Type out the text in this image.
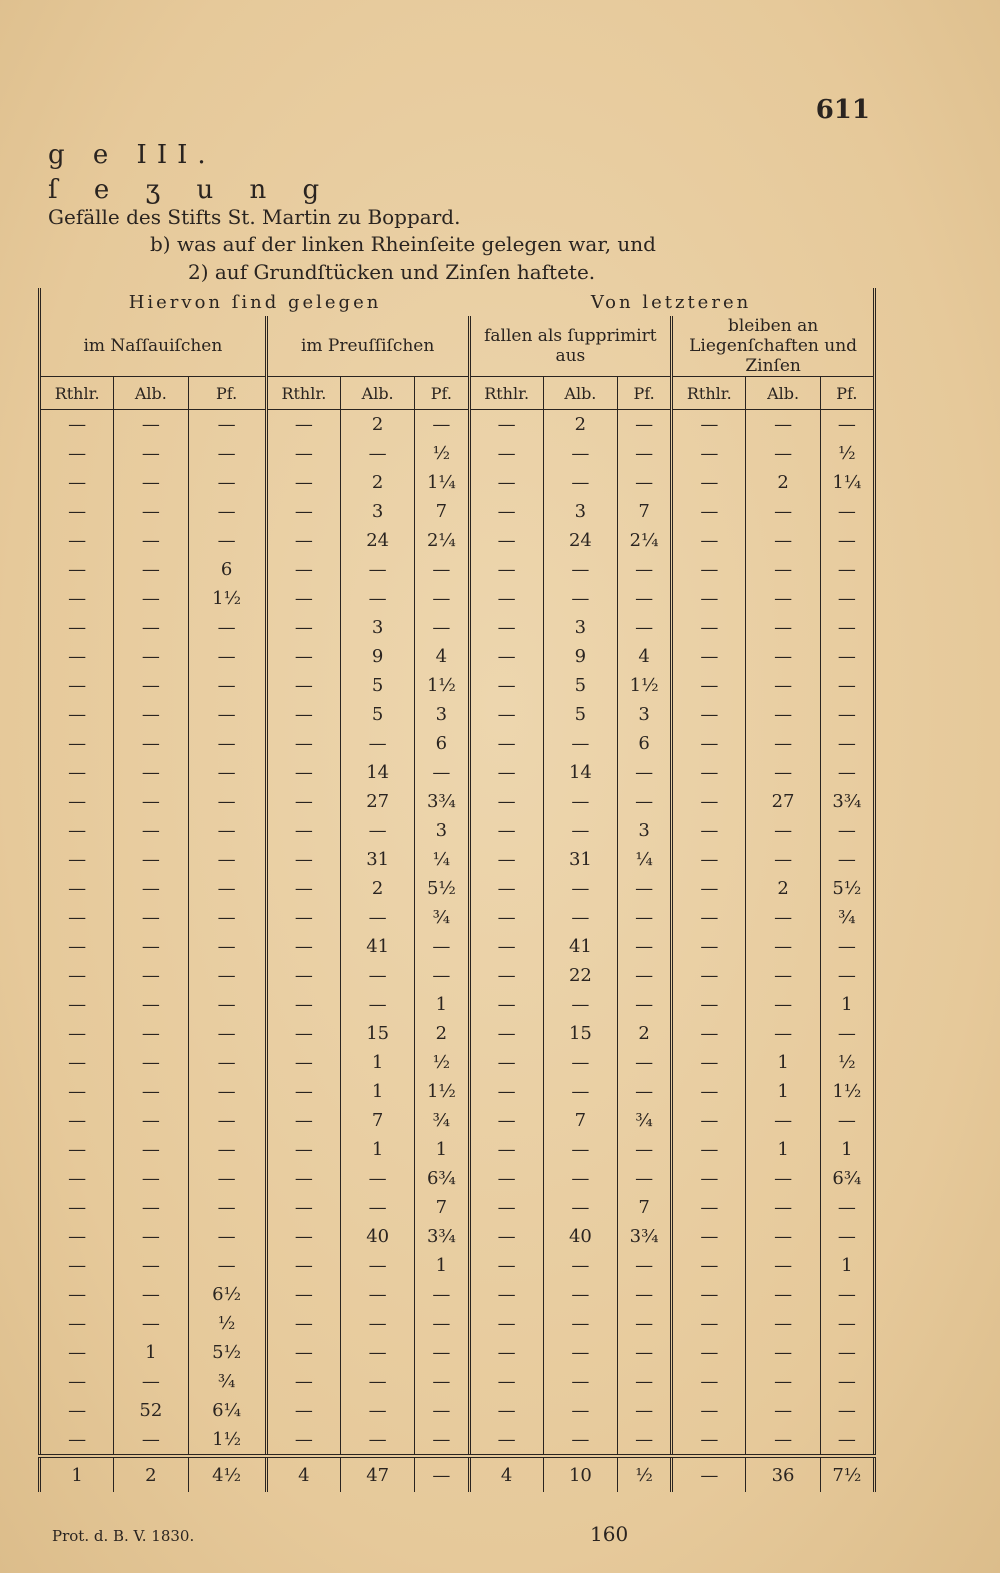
611
g e III.
ſ e ʒ u n g
Gefälle des Stifts St. Martin zu Boppard.
b) was auf der linken Rheinſeite gelegen war, und
2) auf Grundſtücken und Zinſen haftete.
Hiervon ſind gelegen						Von letzteren					
im Naſſauiſchen			im Preuſſiſchen			fallen als ſupprimirt aus			bleiben an Liegenſchaften und Zinſen		
Rthlr.	Alb.	Pf.	Rthlr.	Alb.	Pf.	Rthlr.	Alb.	Pf.	Rthlr.	Alb.	Pf.
—	—	—	—	2	—	—	2	—	—	—	—
—	—	—	—	—	½	—	—	—	—	—	½
—	—	—	—	2	1¼	—	—	—	—	2	1¼
—	—	—	—	3	7	—	3	7	—	—	—
—	—	—	—	24	2¼	—	24	2¼	—	—	—
—	—	6	—	—	—	—	—	—	—	—	—
—	—	1½	—	—	—	—	—	—	—	—	—
—	—	—	—	3	—	—	3	—	—	—	—
—	—	—	—	9	4	—	9	4	—	—	—
—	—	—	—	5	1½	—	5	1½	—	—	—
—	—	—	—	5	3	—	5	3	—	—	—
—	—	—	—	—	6	—	—	6	—	—	—
—	—	—	—	14	—	—	14	—	—	—	—
—	—	—	—	27	3¾	—	—	—	—	27	3¾
—	—	—	—	—	3	—	—	3	—	—	—
—	—	—	—	31	¼	—	31	¼	—	—	—
—	—	—	—	2	5½	—	—	—	—	2	5½
—	—	—	—	—	¾	—	—	—	—	—	¾
—	—	—	—	41	—	—	41	—	—	—	—
—	—	—	—	—	—	—	22	—	—	—	—
—	—	—	—	—	1	—	—	—	—	—	1
—	—	—	—	15	2	—	15	2	—	—	—
—	—	—	—	1	½	—	—	—	—	1	½
—	—	—	—	1	1½	—	—	—	—	1	1½
—	—	—	—	7	¾	—	7	¾	—	—	—
—	—	—	—	1	1	—	—	—	—	1	1
—	—	—	—	—	6¾	—	—	—	—	—	6¾
—	—	—	—	—	7	—	—	7	—	—	—
—	—	—	—	40	3¾	—	40	3¾	—	—	—
—	—	—	—	—	1	—	—	—	—	—	1
—	—	6½	—	—	—	—	—	—	—	—	—
—	—	½	—	—	—	—	—	—	—	—	—
—	1	5½	—	—	—	—	—	—	—	—	—
—	—	¾	—	—	—	—	—	—	—	—	—
—	52	6¼	—	—	—	—	—	—	—	—	—
—	—	1½	—	—	—	—	—	—	—	—	—
1	2	4½	4	47	—	4	10	½	—	36	7½
Prot. d. B. V. 1830.	160
